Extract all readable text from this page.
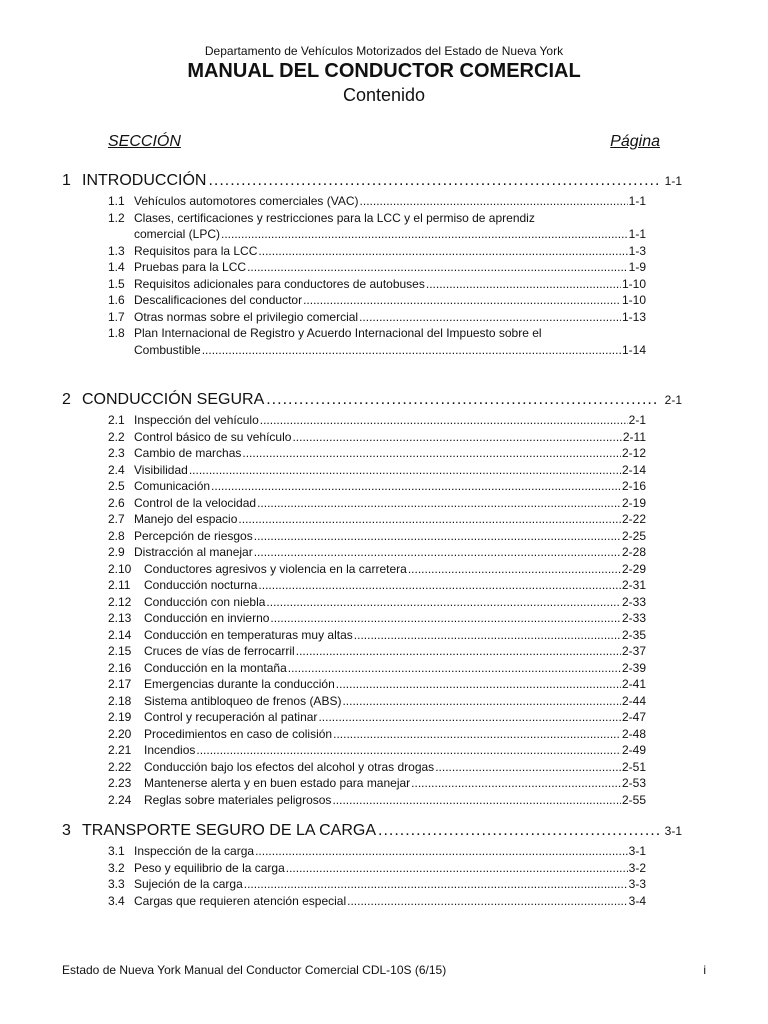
Departamento de Vehículos Motorizados del Estado de Nueva York
MANUAL DEL CONDUCTOR COMERCIAL
Contenido
SECCIÓN	Página
1 INTRODUCCIÓN .....	1-1
1.1 Vehículos automotores comerciales (VAC) .....	1-1
1.2 Clases, certificaciones y restricciones para la LCC y el permiso de aprendiz
comercial (LPC) .....	1-1
1.3 Requisitos para la LCC .....	1-3
1.4 Pruebas para la LCC .....	1-9
1.5 Requisitos adicionales para conductores de autobuses .....	1-10
1.6 Descalificaciones del conductor .....	1-10
1.7 Otras normas sobre el privilegio comercial .....	1-13
1.8 Plan Internacional de Registro y Acuerdo Internacional del Impuesto sobre el
Combustible .....	1-14
2 CONDUCCIÓN SEGURA .....	2-1
2.1 Inspección del vehículo .....	2-1
2.2 Control básico de su vehículo .....	2-11
2.3 Cambio de marchas .....	2-12
2.4 Visibilidad .....	2-14
2.5 Comunicación .....	2-16
2.6 Control de la velocidad .....	2-19
2.7 Manejo del espacio .....	2-22
2.8 Percepción de riesgos .....	2-25
2.9 Distracción al manejar .....	2-28
2.10	Conductores agresivos y violencia en la carretera .....	2-29
2.11	Conducción nocturna .....	2-31
2.12	Conducción con niebla .....	2-33
2.13	Conducción en invierno .....	2-33
2.14	Conducción en temperaturas muy altas .....	2-35
2.15	Cruces de vías de ferrocarril .....	2-37
2.16	Conducción en la montaña .....	2-39
2.17	Emergencias durante la conducción .....	2-41
2.18	Sistema antibloqueo de frenos (ABS) .....	2-44
2.19	Control y recuperación al patinar .....	2-47
2.20	Procedimientos en caso de colisión .....	2-48
2.21	Incendios .....	2-49
2.22	Conducción bajo los efectos del alcohol y otras drogas .....	2-51
2.23	Mantenerse alerta y en buen estado para manejar .....	2-53
2.24	Reglas sobre materiales peligrosos .....	2-55
3 TRANSPORTE SEGURO DE LA CARGA .....	3-1
3.1 Inspección de la carga .....	3-1
3.2 Peso y equilibrio de la carga .....	3-2
3.3 Sujeción de la carga .....	3-3
3.4 Cargas que requieren atención especial .....	3-4
Estado de Nueva York Manual del Conductor Comercial CDL-10S (6/15)	i
